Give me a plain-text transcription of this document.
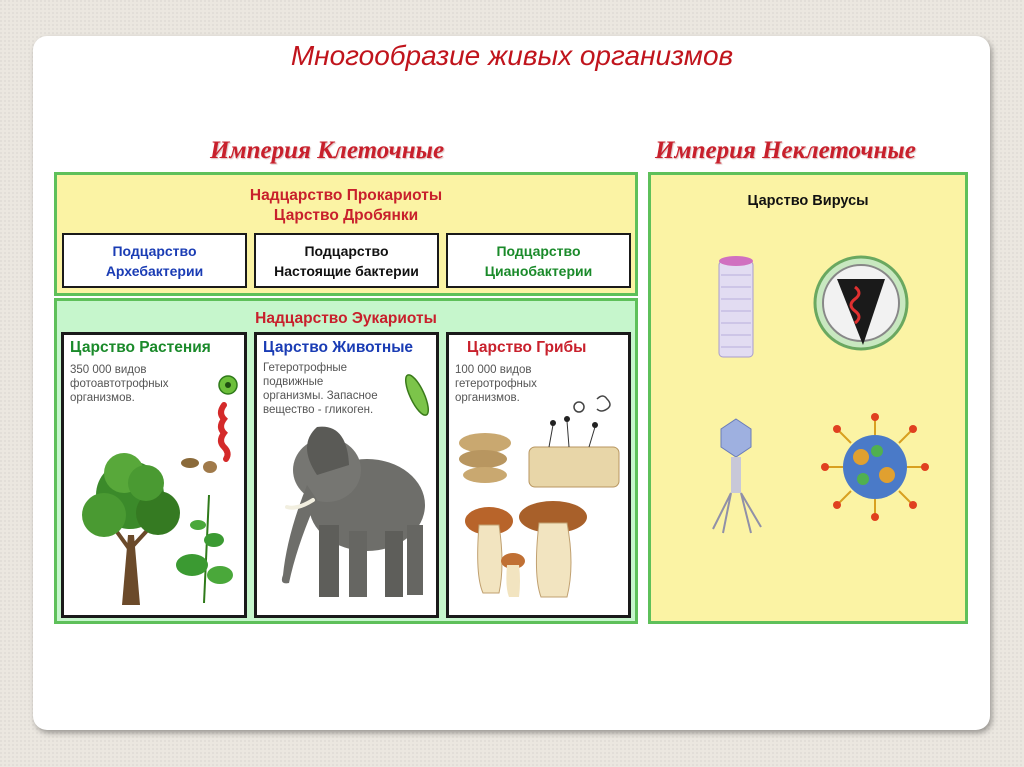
Многообразие живых организмов
Империя Клеточные	Империя Неклеточные
Надцарство Прокариоты
Царство Дробянки
Подцарство
Архебактерии
Подцарство
Настоящие бактерии
Подцарство
Цианобактерии
Надцарство Эукариоты
Царство Растения
350 000 видов
фотоавтотрофных
организмов.
Царство Животные
Гетеротрофные
подвижные
организмы. Запасное
вещество - гликоген.
Царство Грибы
100 000 видов
гетеротрофных
организмов.
Царство Вирусы
